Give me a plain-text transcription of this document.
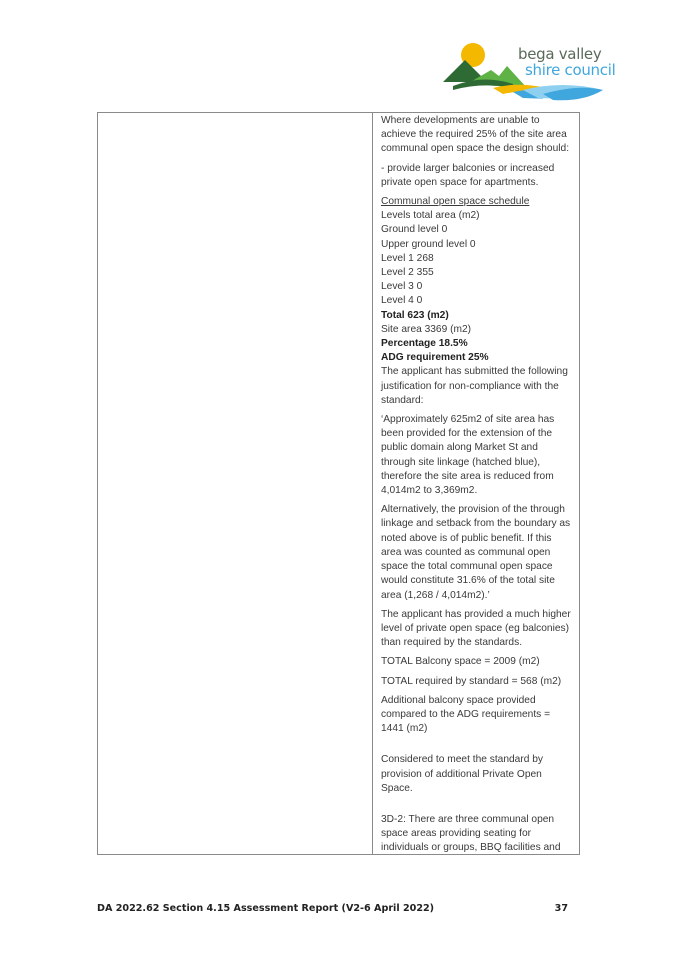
bega valley
shire council

Where developments are unable to achieve the required 25% of the site area communal open space the design should:

- provide larger balconies or increased private open space for apartments.

Communal open space schedule

Levels total area (m2)

Ground level 0

Upper ground level 0

Level 1 268

Level 2 355

Level 3 0

Level 4 0

Total 623 (m2)

Site area 3369 (m2)

Percentage 18.5%

ADG requirement 25%

The applicant has submitted the following justification for non-compliance with the standard:

‘Approximately 625m2 of site area has been provided for the extension of the public domain along Market St and through site linkage (hatched blue), therefore the site area is reduced from 4,014m2 to 3,369m2.

Alternatively, the provision of the through linkage and setback from the boundary as noted above is of public benefit. If this area was counted as communal open space the total communal open space would constitute 31.6% of the total site area (1,268 / 4,014m2).’

The applicant has provided a much higher level of private open space (eg balconies) than required by the standards.

TOTAL Balcony space = 2009 (m2)

TOTAL required by standard = 568 (m2)

Additional balcony space provided compared to the ADG requirements = 1441 (m2)

Considered to meet the standard by provision of additional Private Open Space.

3D-2: There are three communal open space areas providing seating for individuals or groups, BBQ facilities and

DA 2022.62 Section 4.15 Assessment Report (V2-6 April 2022)	37
